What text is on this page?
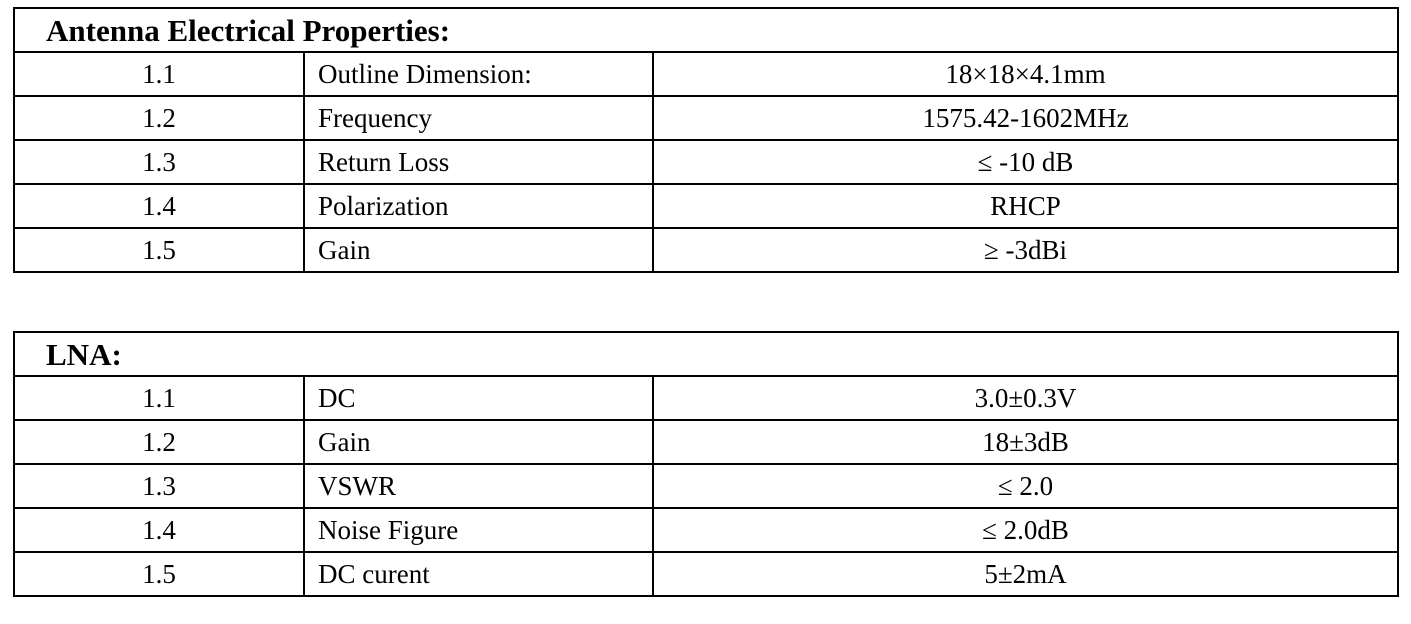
Antenna Electrical Properties:		
1.1	Outline Dimension:	18×18×4.1mm
1.2	Frequency	1575.42-1602MHz
1.3	Return Loss	≤ -10 dB
1.4	Polarization	RHCP
1.5	Gain	≥ -3dBi
LNA:		
1.1	DC	3.0±0.3V
1.2	Gain	18±3dB
1.3	VSWR	≤ 2.0
1.4	Noise Figure	≤ 2.0dB
1.5	DC curent	5±2mA
